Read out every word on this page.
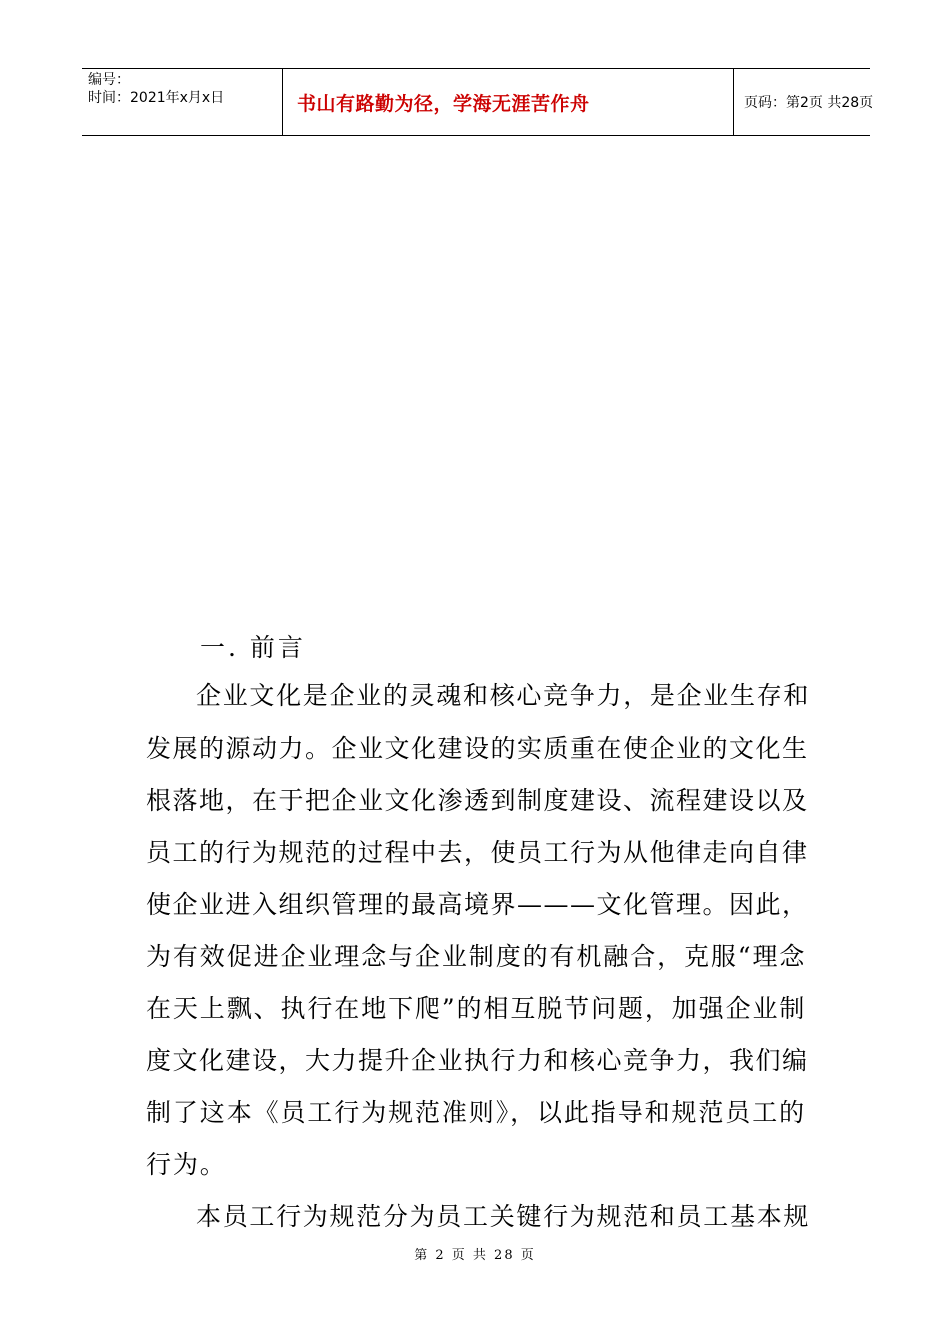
编号：
时间：2021年x月x日	书山有路勤为径，学海无涯苦作舟	页码：第2页 共28页
一. 前言
企业文化是企业的灵魂和核心竞争力，是企业生存和
发展的源动力。企业文化建设的实质重在使企业的文化生
根落地，在于把企业文化渗透到制度建设、流程建设以及
员工的行为规范的过程中去，使员工行为从他律走向自律
使企业进入组织管理的最高境界———文化管理。因此，
为有效促进企业理念与企业制度的有机融合，克服“理念
在天上飘、执行在地下爬”的相互脱节问题，加强企业制
度文化建设，大力提升企业执行力和核心竞争力，我们编
制了这本《员工行为规范准则》，以此指导和规范员工的
行为。
本员工行为规范分为员工关键行为规范和员工基本规
第 2 页 共 28 页
